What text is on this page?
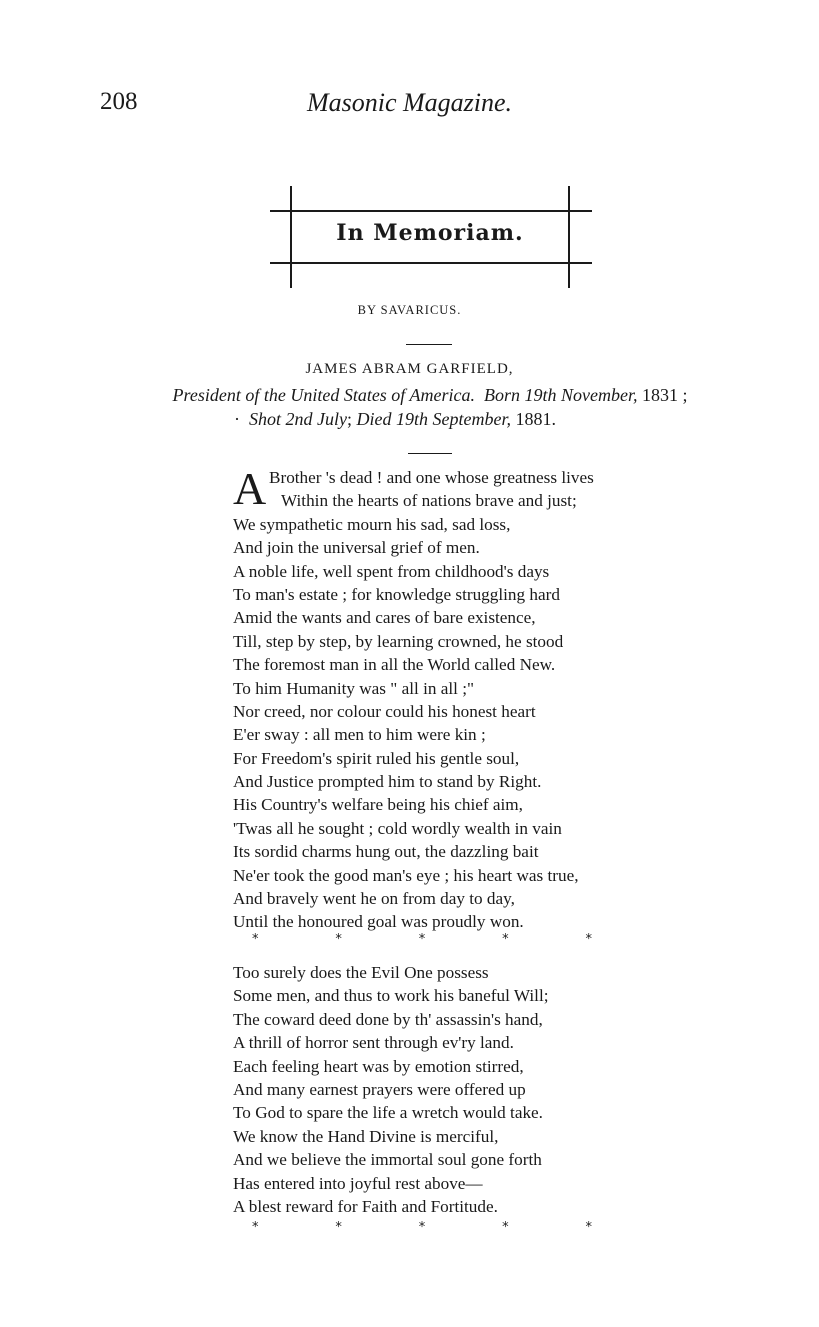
208	Masonic Magazine.
In Memoriam.
BY SAVARICUS.
JAMES ABRAM GARFIELD,
President of the United States of America. Born 19th November, 1831 ;
· Shot 2nd July; Died 19th September, 1881.
A Brother 's dead ! and one whose greatness lives
Within the hearts of nations brave and just;
We sympathetic mourn his sad, sad loss,
And join the universal grief of men.
A noble life, well spent from childhood's days
To man's estate ; for knowledge struggling hard
Amid the wants and cares of bare existence,
Till, step by step, by learning crowned, he stood
The foremost man in all the World called New.
To him Humanity was " all in all ;"
Nor creed, nor colour could his honest heart
E'er sway : all men to him were kin ;
For Freedom's spirit ruled his gentle soul,
And Justice prompted him to stand by Right.
His Country's welfare being his chief aim,
'Twas all he sought ; cold wordly wealth in vain
Its sordid charms hung out, the dazzling bait
Ne'er took the good man's eye ; his heart was true,
And bravely went he on from day to day,
Until the honoured goal was proudly won.
*	*	*	*	*
Too surely does the Evil One possess
Some men, and thus to work his baneful Will;
The coward deed done by th' assassin's hand,
A thrill of horror sent through ev'ry land.
Each feeling heart was by emotion stirred,
And many earnest prayers were offered up
To God to spare the life a wretch would take.
We know the Hand Divine is merciful,
And we believe the immortal soul gone forth
Has entered into joyful rest above—
A blest reward for Faith and Fortitude.
*	*	*	*	*
